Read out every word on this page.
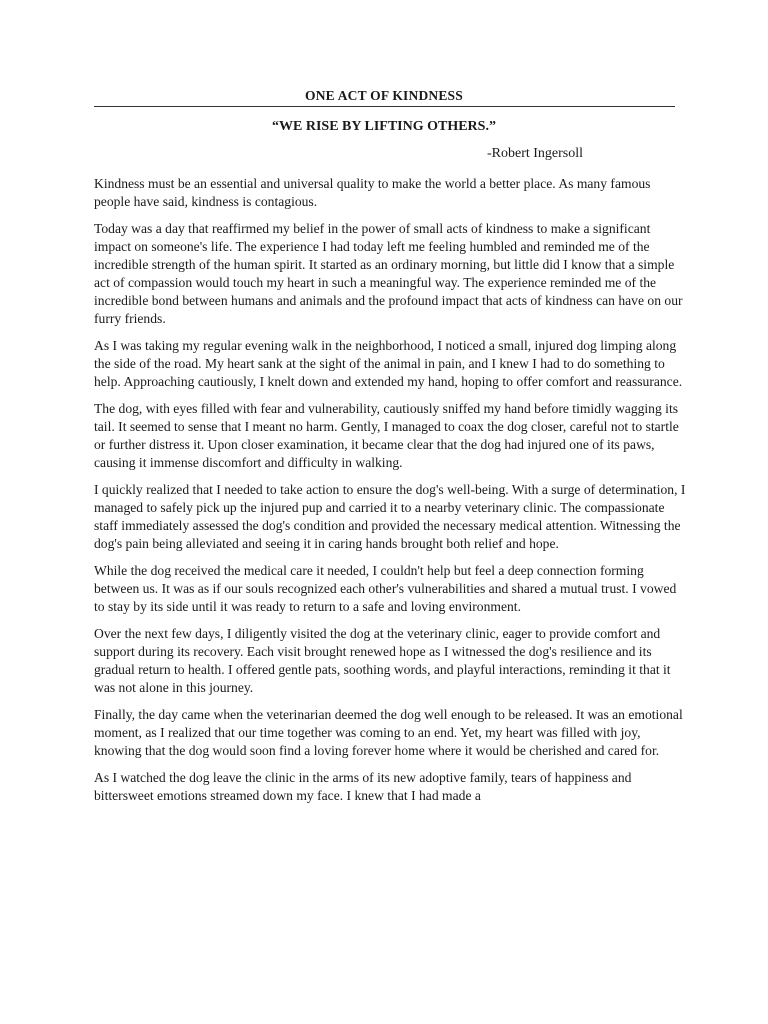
ONE ACT OF KINDNESS
“WE RISE BY LIFTING OTHERS.”
-Robert Ingersoll

Kindness must be an essential and universal quality to make the world a better place. As many famous people have said, kindness is contagious.

Today was a day that reaffirmed my belief in the power of small acts of kindness to make a significant impact on someone's life. The experience I had today left me feeling humbled and reminded me of the incredible strength of the human spirit. It started as an ordinary morning, but little did I know that a simple act of compassion would touch my heart in such a meaningful way. The experience reminded me of the incredible bond between humans and animals and the profound impact that acts of kindness can have on our furry friends.

As I was taking my regular evening walk in the neighborhood, I noticed a small, injured dog limping along the side of the road. My heart sank at the sight of the animal in pain, and I knew I had to do something to help. Approaching cautiously, I knelt down and extended my hand, hoping to offer comfort and reassurance.

The dog, with eyes filled with fear and vulnerability, cautiously sniffed my hand before timidly wagging its tail. It seemed to sense that I meant no harm. Gently, I managed to coax the dog closer, careful not to startle or further distress it. Upon closer examination, it became clear that the dog had injured one of its paws, causing it immense discomfort and difficulty in walking.

I quickly realized that I needed to take action to ensure the dog's well-being. With a surge of determination, I managed to safely pick up the injured pup and carried it to a nearby veterinary clinic. The compassionate staff immediately assessed the dog's condition and provided the necessary medical attention. Witnessing the dog's pain being alleviated and seeing it in caring hands brought both relief and hope.

While the dog received the medical care it needed, I couldn't help but feel a deep connection forming between us. It was as if our souls recognized each other's vulnerabilities and shared a mutual trust. I vowed to stay by its side until it was ready to return to a safe and loving environment.

Over the next few days, I diligently visited the dog at the veterinary clinic, eager to provide comfort and support during its recovery. Each visit brought renewed hope as I witnessed the dog's resilience and its gradual return to health. I offered gentle pats, soothing words, and playful interactions, reminding it that it was not alone in this journey.

Finally, the day came when the veterinarian deemed the dog well enough to be released. It was an emotional moment, as I realized that our time together was coming to an end. Yet, my heart was filled with joy, knowing that the dog would soon find a loving forever home where it would be cherished and cared for.

As I watched the dog leave the clinic in the arms of its new adoptive family, tears of happiness and bittersweet emotions streamed down my face. I knew that I had made a
